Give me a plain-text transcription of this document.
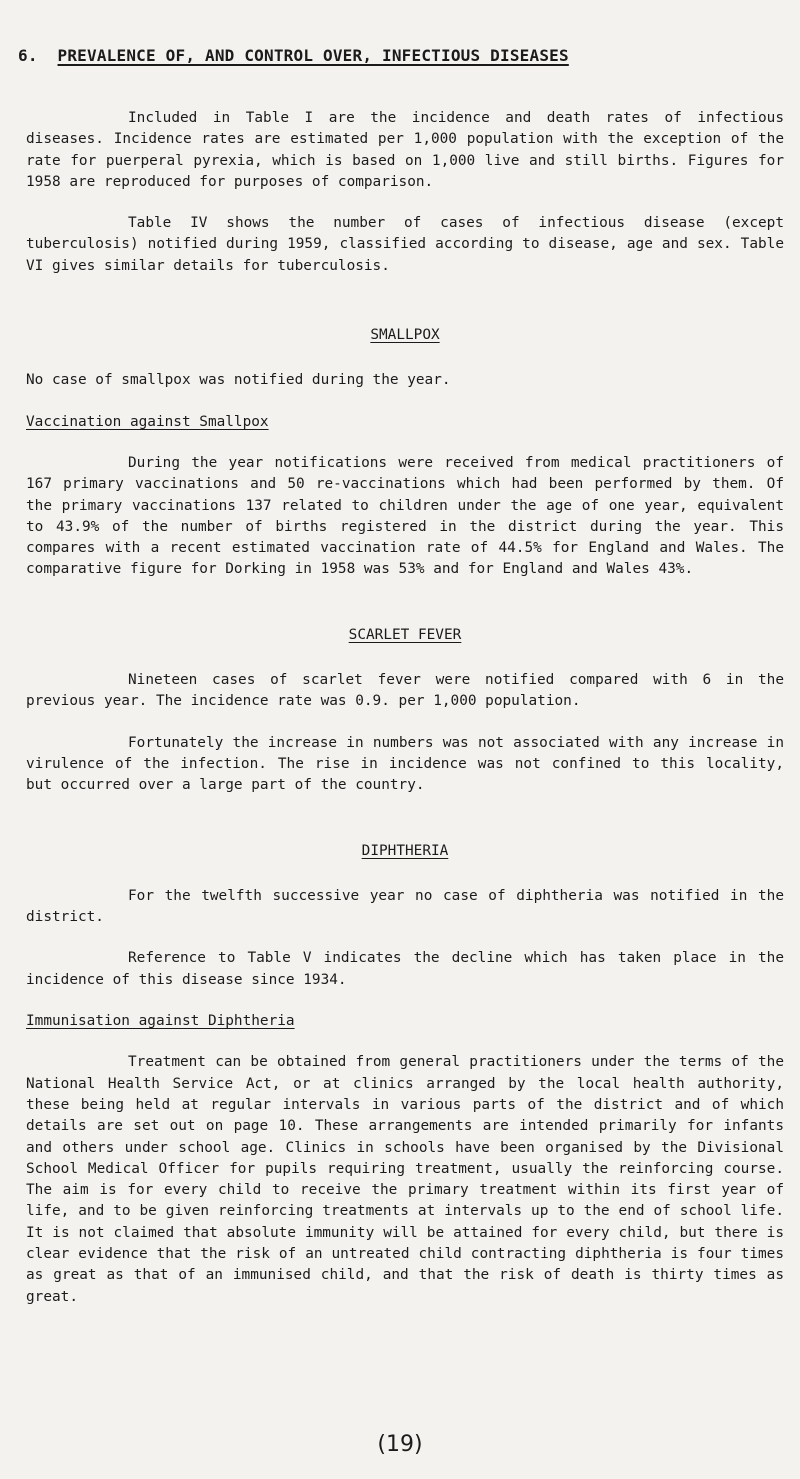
6. PREVALENCE OF, AND CONTROL OVER, INFECTIOUS DISEASES

Included in Table I are the incidence and death rates of infectious diseases. Incidence rates are estimated per 1,000 population with the exception of the rate for puerperal pyrexia, which is based on 1,000 live and still births. Figures for 1958 are reproduced for purposes of comparison.

Table IV shows the number of cases of infectious disease (except tuberculosis) notified during 1959, classified according to disease, age and sex. Table VI gives similar details for tuberculosis.

SMALLPOX

No case of smallpox was notified during the year.

Vaccination against Smallpox

During the year notifications were received from medical practitioners of 167 primary vaccinations and 50 re-vaccinations which had been performed by them. Of the primary vaccinations 137 related to children under the age of one year, equivalent to 43.9% of the number of births registered in the district during the year. This compares with a recent estimated vaccination rate of 44.5% for England and Wales. The comparative figure for Dorking in 1958 was 53% and for England and Wales 43%.

SCARLET FEVER

Nineteen cases of scarlet fever were notified compared with 6 in the previous year. The incidence rate was 0.9. per 1,000 population.

Fortunately the increase in numbers was not associated with any increase in virulence of the infection. The rise in incidence was not confined to this locality, but occurred over a large part of the country.

DIPHTHERIA

For the twelfth successive year no case of diphtheria was notified in the district.

Reference to Table V indicates the decline which has taken place in the incidence of this disease since 1934.

Immunisation against Diphtheria

Treatment can be obtained from general practitioners under the terms of the National Health Service Act, or at clinics arranged by the local health authority, these being held at regular intervals in various parts of the district and of which details are set out on page 10. These arrangements are intended primarily for infants and others under school age. Clinics in schools have been organised by the Divisional School Medical Officer for pupils requiring treatment, usually the reinforcing course. The aim is for every child to receive the primary treatment within its first year of life, and to be given reinforcing treatments at intervals up to the end of school life. It is not claimed that absolute immunity will be attained for every child, but there is clear evidence that the risk of an untreated child contracting diphtheria is four times as great as that of an immunised child, and that the risk of death is thirty times as great.

(19)
